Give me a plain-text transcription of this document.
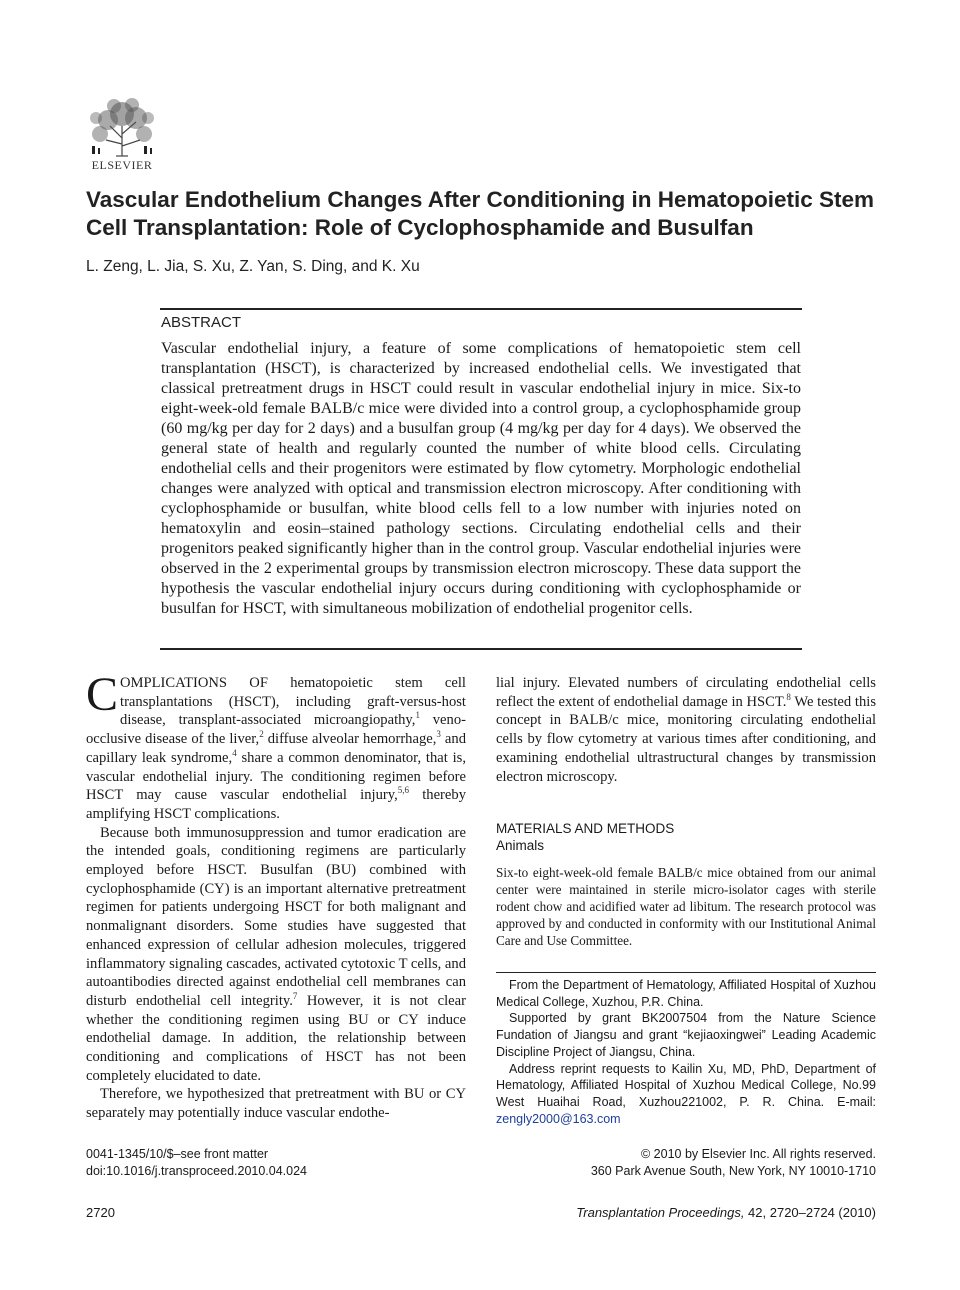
ELSEVIER
Vascular Endothelium Changes After Conditioning in Hematopoietic Stem Cell Transplantation: Role of Cyclophosphamide and Busulfan
L. Zeng, L. Jia, S. Xu, Z. Yan, S. Ding, and K. Xu
ABSTRACT

Vascular endothelial injury, a feature of some complications of hematopoietic stem cell transplantation (HSCT), is characterized by increased endothelial cells. We investigated that classical pretreatment drugs in HSCT could result in vascular endothelial injury in mice. Six-to eight-week-old female BALB/c mice were divided into a control group, a cyclophosphamide group (60 mg/kg per day for 2 days) and a busulfan group (4 mg/kg per day for 4 days). We observed the general state of health and regularly counted the number of white blood cells. Circulating endothelial cells and their progenitors were estimated by flow cytometry. Morphologic endothelial changes were analyzed with optical and transmission electron microscopy. After conditioning with cyclophosphamide or busulfan, white blood cells fell to a low number with injuries noted on hematoxylin and eosin–stained pathology sections. Circulating endothelial cells and their progenitors peaked significantly higher than in the control group. Vascular endothelial injuries were observed in the 2 experimental groups by transmission electron microscopy. These data support the hypothesis the vascular endothelial injury occurs during conditioning with cyclophosphamide or busulfan for HSCT, with simultaneous mobilization of endothelial progenitor cells.

COMPLICATIONS OF hematopoietic stem cell transplantations (HSCT), including graft-versus-host disease, transplant-associated microangiopathy,$^1$ veno-occlusive disease of the liver,$^2$ diffuse alveolar hemorrhage,$^3$ and capillary leak syndrome,$^4$ share a common denominator, that is, vascular endothelial injury. The conditioning regimen before HSCT may cause vascular endothelial injury,$^{5,6}$ thereby amplifying HSCT complications.

Because both immunosuppression and tumor eradication are the intended goals, conditioning regimens are particularly employed before HSCT. Busulfan (BU) combined with cyclophosphamide (CY) is an important alternative pretreatment regimen for patients undergoing HSCT for both malignant and nonmalignant disorders. Some studies have suggested that enhanced expression of cellular adhesion molecules, triggered inflammatory signaling cascades, activated cytotoxic T cells, and autoantibodies directed against endothelial cell membranes can disturb endothelial cell integrity.$^7$ However, it is not clear whether the conditioning regimen using BU or CY induce endothelial damage. In addition, the relationship between conditioning and complications of HSCT has not been completely elucidated to date.

Therefore, we hypothesized that pretreatment with BU or CY separately may potentially induce vascular endothe-

lial injury. Elevated numbers of circulating endothelial cells reflect the extent of endothelial damage in HSCT.$^8$ We tested this concept in BALB/c mice, monitoring circulating endothelial cells by flow cytometry at various times after conditioning, and examining endothelial ultrastructural changes by transmission electron microscopy.

MATERIALS AND METHODS

Animals

Six-to eight-week-old female BALB/c mice obtained from our animal center were maintained in sterile micro-isolator cages with sterile rodent chow and acidified water ad libitum. The research protocol was approved by and conducted in conformity with our Institutional Animal Care and Use Committee.

From the Department of Hematology, Affiliated Hospital of Xuzhou Medical College, Xuzhou, P.R. China.

Supported by grant BK2007504 from the Nature Science Fundation of Jiangsu and grant “kejiaoxingwei” Leading Academic Discipline Project of Jiangsu, China.

Address reprint requests to Kailin Xu, MD, PhD, Department of Hematology, Affiliated Hospital of Xuzhou Medical College, No.99 West Huaihai Road, Xuzhou221002, P. R. China. E-mail: zengly2000@163.com

0041-1345/10/$–see front matter
doi:10.1016/j.transproceed.2010.04.024
© 2010 by Elsevier Inc. All rights reserved.
360 Park Avenue South, New York, NY 10010-1710
2720	Transplantation Proceedings, 42, 2720–2724 (2010)
